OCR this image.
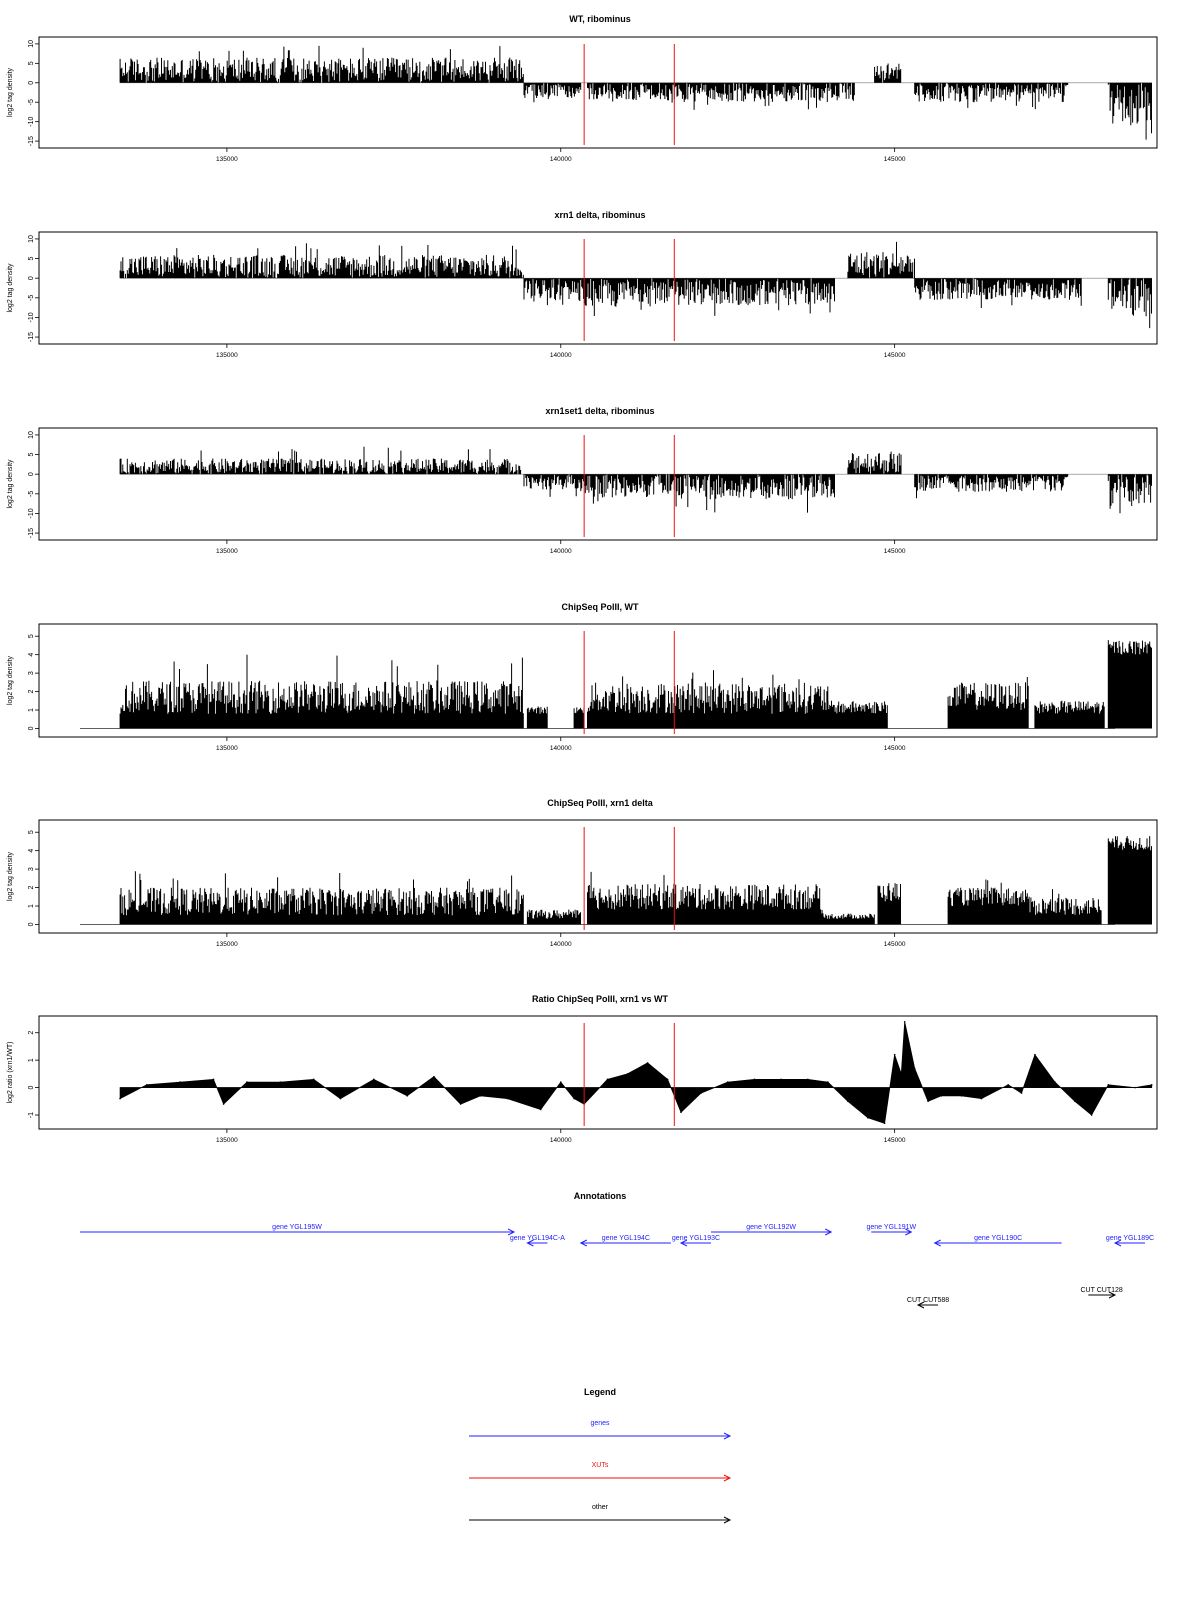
WT, ribominus
10
5
0
-5
-10
-15
log2 tag density
135000	140000	145000
xrn1 delta, ribominus
10
5
0
-5
-10
-15
log2 tag density
135000	140000	145000
xrn1set1 delta, ribominus
10
5
0
-5
-10
-15
log2 tag density
135000	140000	145000
ChipSeq PolII, WT
0
1
2
3
4
5
log2 tag density
135000	140000	145000
ChipSeq PolII, xrn1 delta
0
1
2
3
4
5
log2 tag density
135000	140000	145000
Ratio ChipSeq PolII, xrn1 vs WT
-1
0
1
2
log2 ratio (xrn1/WT)
135000	140000	145000
Annotations
gene YGL195W
gene YGL194C-A	gene YGL194C	gene YGL193C
gene YGL192W	gene YGL191W
gene YGL190C	gene YGL189C
CUT CUT588
CUT CUT128
Legend
genes
XUTs
other
